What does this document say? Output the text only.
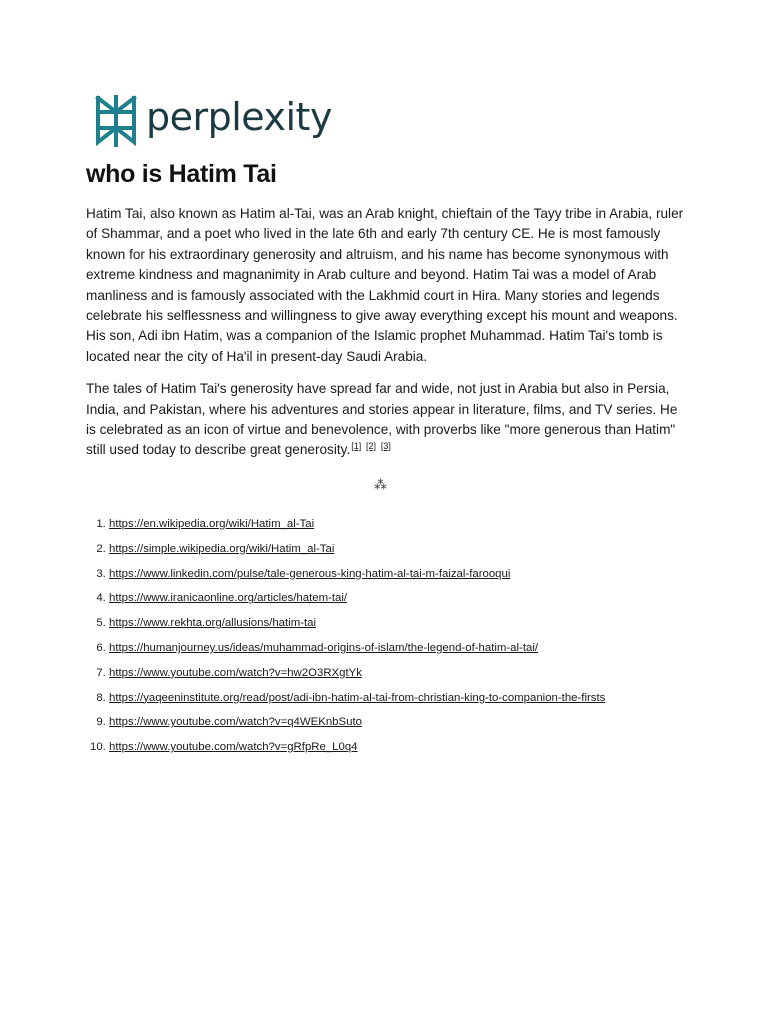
perplexity
who is Hatim Tai

Hatim Tai, also known as Hatim al-Tai, was an Arab knight, chieftain of the Tayy tribe in Arabia, ruler of Shammar, and a poet who lived in the late 6th and early 7th century CE. He is most famously known for his extraordinary generosity and altruism, and his name has become synonymous with extreme kindness and magnanimity in Arab culture and beyond. Hatim Tai was a model of Arab manliness and is famously associated with the Lakhmid court in Hira. Many stories and legends celebrate his selflessness and willingness to give away everything except his mount and weapons. His son, Adi ibn Hatim, was a companion of the Islamic prophet Muhammad. Hatim Tai's tomb is located near the city of Ha'il in present-day Saudi Arabia.

The tales of Hatim Tai's generosity have spread far and wide, not just in Arabia but also in Persia, India, and Pakistan, where his adventures and stories appear in literature, films, and TV series. He is celebrated as an icon of virtue and benevolence, with proverbs like "more generous than Hatim" still used today to describe great generosity.[1] [2] [3]

⁂
1. https://en.wikipedia.org/wiki/Hatim_al-Tai
2. https://simple.wikipedia.org/wiki/Hatim_al-Tai
3. https://www.linkedin.com/pulse/tale-generous-king-hatim-al-tai-m-faizal-farooqui
4. https://www.iranicaonline.org/articles/hatem-tai/
5. https://www.rekhta.org/allusions/hatim-tai
6. https://humanjourney.us/ideas/muhammad-origins-of-islam/the-legend-of-hatim-al-tai/
7. https://www.youtube.com/watch?v=hw2O3RXgtYk
8. https://yaqeeninstitute.org/read/post/adi-ibn-hatim-al-tai-from-christian-king-to-companion-the-firsts
9. https://www.youtube.com/watch?v=q4WEKnbSuto
10. https://www.youtube.com/watch?v=gRfpRe_L0q4
